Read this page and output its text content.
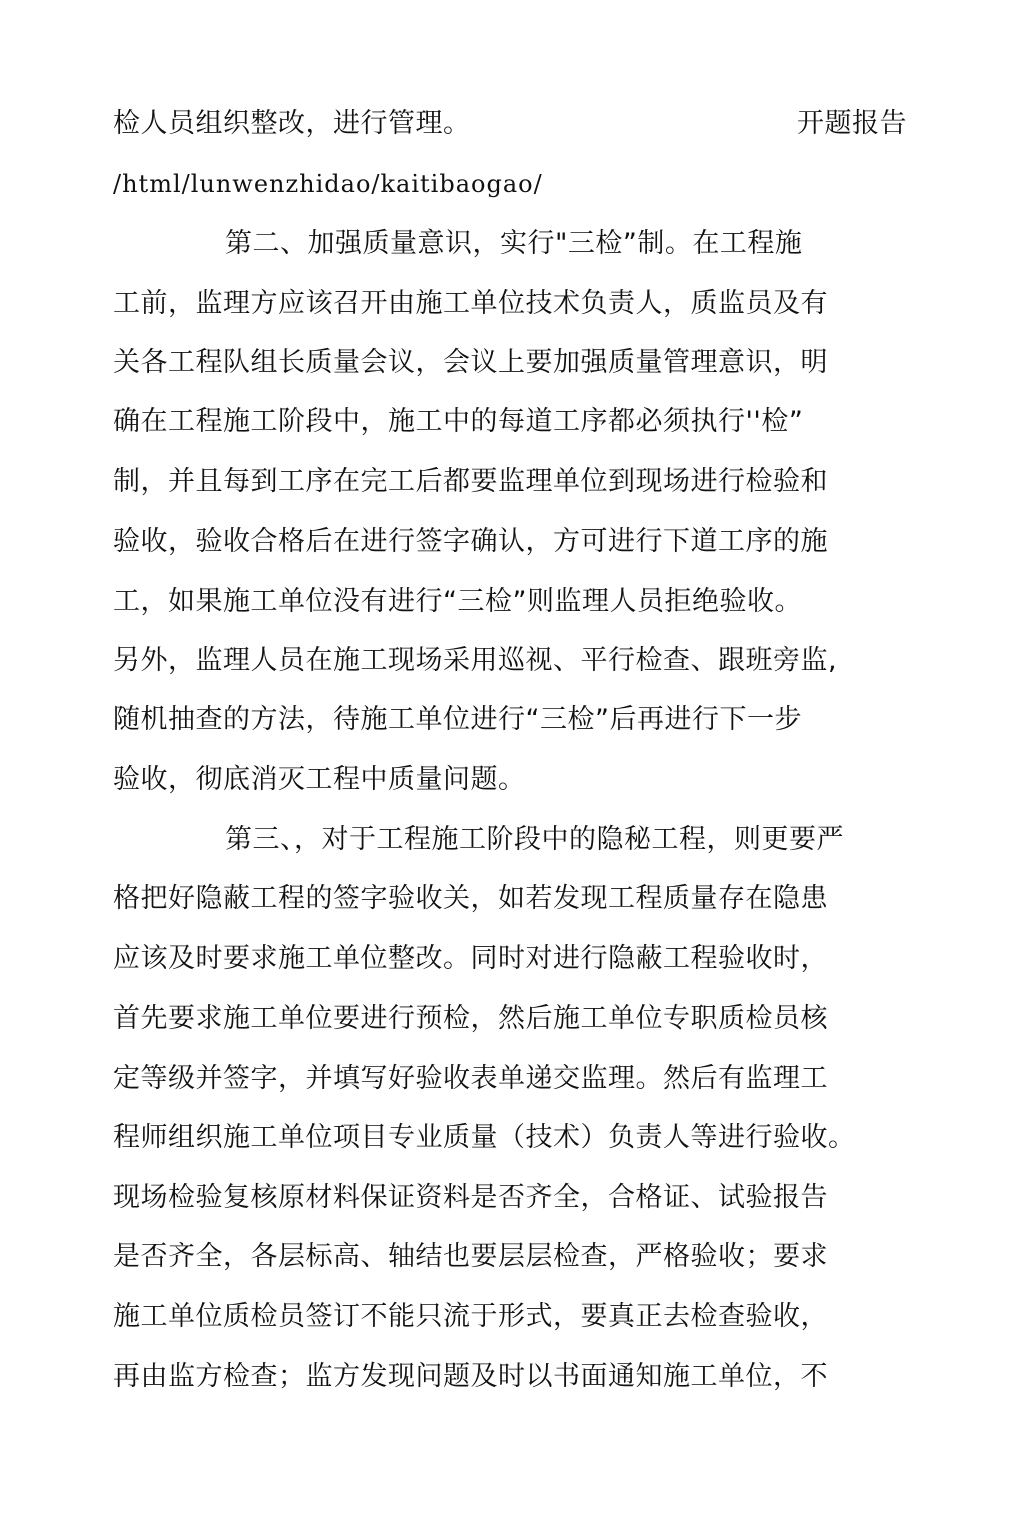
检人员组织整改，进行管理。	开题报告
/html/lunwenzhidao/kaitibaogao/
第二、加强质量意识，实行"三检”制。在工程施
工前，监理方应该召开由施工单位技术负责人，质监员及有
关各工程队组长质量会议，会议上要加强质量管理意识，明
确在工程施工阶段中，施工中的每道工序都必须执行''检”
制，并且每到工序在完工后都要监理单位到现场进行检验和
验收，验收合格后在进行签字确认，方可进行下道工序的施
工，如果施工单位没有进行“三检”则监理人员拒绝验收。
另外，监理人员在施工现场采用巡视、平行检查、跟班旁监,
随机抽查的方法，待施工单位进行“三检”后再进行下一步
验收，彻底消灭工程中质量问题。
第三、，对于工程施工阶段中的隐秘工程，则更要严
格把好隐蔽工程的签字验收关，如若发现工程质量存在隐患
应该及时要求施工单位整改。同时对进行隐蔽工程验收时，
首先要求施工单位要进行预检，然后施工单位专职质检员核
定等级并签字，并填写好验收表单递交监理。然后有监理工
程师组织施工单位项目专业质量（技术）负责人等进行验收。
现场检验复核原材料保证资料是否齐全，合格证、试验报告
是否齐全，各层标高、轴结也要层层检查，严格验收；要求
施工单位质检员签订不能只流于形式，要真正去检查验收，
再由监方检查；监方发现问题及时以书面通知施工单位，不
